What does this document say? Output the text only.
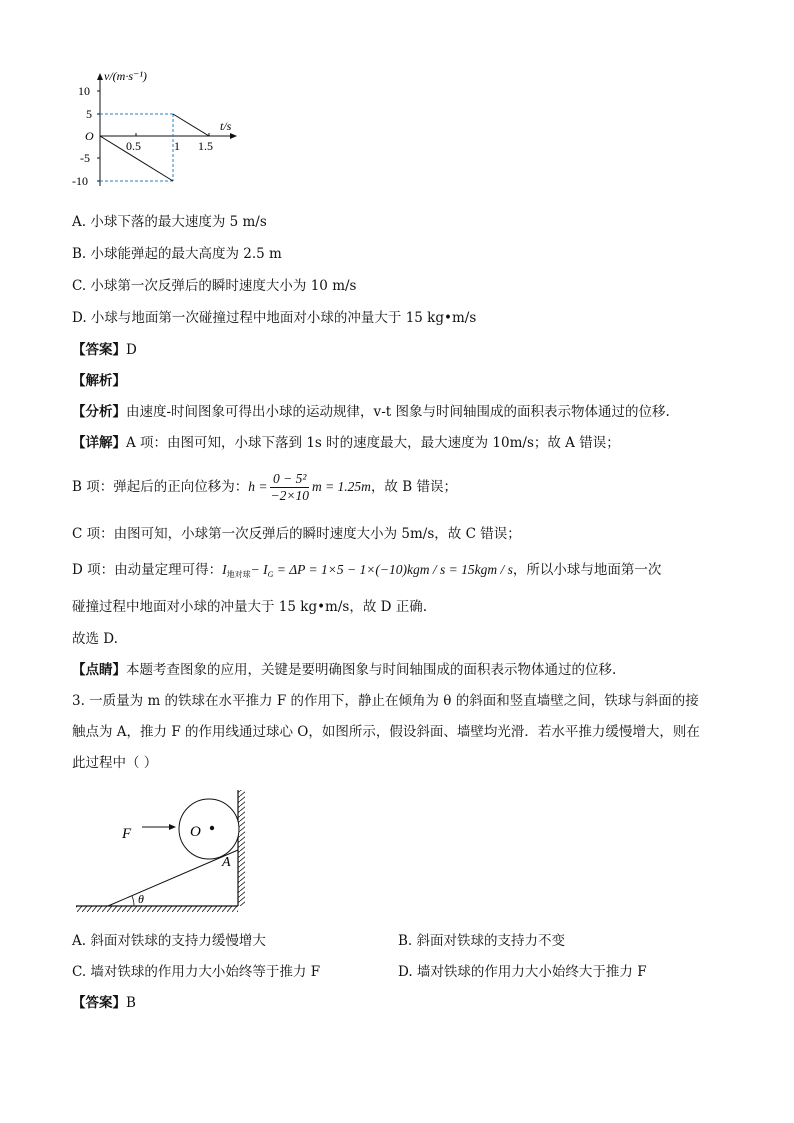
v/(m·s⁻¹)
t/s
O
10
5
-5
-10
0.5	1 1.5
A. 小球下落的最大速度为 5 m/s
B. 小球能弹起的最大高度为 2.5 m
C. 小球第一次反弹后的瞬时速度大小为 10 m/s
D. 小球与地面第一次碰撞过程中地面对小球的冲量大于 15 kg•m/s
【答案】D
【解析】
【分析】由速度-时间图象可得出小球的运动规律，v-t 图象与时间轴围成的面积表示物体通过的位移.
【详解】A 项：由图可知，小球下落到 1s 时的速度最大，最大速度为 10m/s；故 A 错误；
B 项：弹起后的正向位移为：$h = \frac{\text{0 − 5²}}{-2\times 10}$ m = 1.25m，故 B 错误；
C 项：由图可知，小球第一次反弹后的瞬时速度大小为 5m/s，故 C 错误；
D 项：由动量定理可得：$I_{地对球}- I_G = \Delta P = 1\times 5 - 1\times(-10)kgm / s = 15kgm / s$，所以小球与地面第一次
碰撞过程中地面对小球的冲量大于 15 kg•m/s，故 D 正确.
故选 D.
【点睛】本题考查图象的应用，关键是要明确图象与时间轴围成的面积表示物体通过的位移.
3. 一质量为 m 的铁球在水平推力 F 的作用下，静止在倾角为 θ 的斜面和竖直墙壁之间，铁球与斜面的接
触点为 A，推力 F 的作用线通过球心 O，如图所示，假设斜面、墙壁均光滑．若水平推力缓慢增大，则在
此过程中（ ）
F	O
A
θ
A. 斜面对铁球的支持力缓慢增大	B. 斜面对铁球的支持力不变
C. 墙对铁球的作用力大小始终等于推力 F	D. 墙对铁球的作用力大小始终大于推力 F
【答案】B
